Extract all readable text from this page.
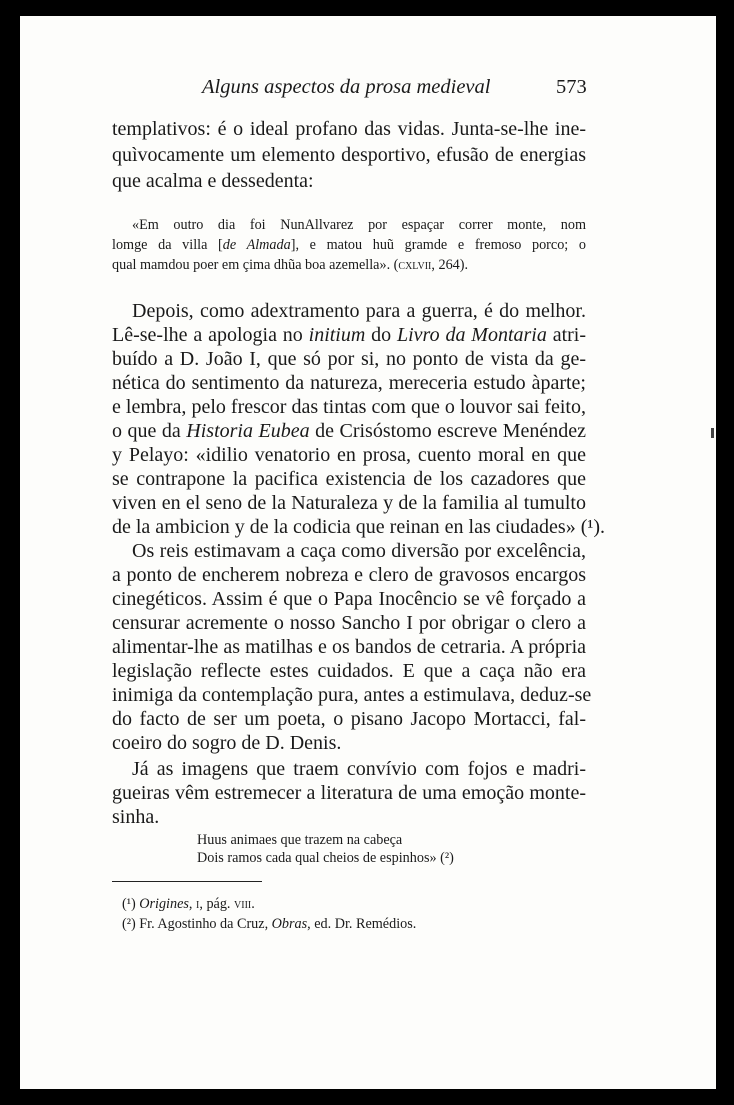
Alguns aspectos da prosa medieval	573
templativos: é o ideal profano das vidas. Junta-se-lhe ine-
quìvocamente um elemento desportivo, efusão de energias
que acalma e dessedenta:
«Em outro dia foi NunAllvarez por espaçar correr monte, nom
lomge da villa [de Almada], e matou huũ gramde e fremoso porco; o
qual mamdou poer em çima dhũa boa azemella». (cxlvii, 264).
Depois, como adextramento para a guerra, é do melhor.
Lê-se-lhe a apologia no initium do Livro da Montaria atri-
buído a D. João I, que só por si, no ponto de vista da ge-
nética do sentimento da natureza, mereceria estudo àparte;
e lembra, pelo frescor das tintas com que o louvor sai feito,
o que da Historia Eubea de Crisóstomo escreve Menéndez
y Pelayo: «idilio venatorio en prosa, cuento moral en que
se contrapone la pacifica existencia de los cazadores que
viven en el seno de la Naturaleza y de la familia al tumulto
de la ambicion y de la codicia que reinan en las ciudades» (¹).
Os reis estimavam a caça como diversão por excelência,
a ponto de encherem nobreza e clero de gravosos encargos
cinegéticos. Assim é que o Papa Inocêncio se vê forçado a
censurar acremente o nosso Sancho I por obrigar o clero a
alimentar-lhe as matilhas e os bandos de cetraria. A própria
legislação reflecte estes cuidados. E que a caça não era
inimiga da contemplação pura, antes a estimulava, deduz-se
do facto de ser um poeta, o pisano Jacopo Mortacci, fal-
coeiro do sogro de D. Denis.
Já as imagens que traem convívio com fojos e madri-
gueiras vêm estremecer a literatura de uma emoção monte-
sinha.
Huus animaes que trazem na cabeça
Dois ramos cada qual cheios de espinhos» (²)
(¹) Origines, i, pág. viii.
(²) Fr. Agostinho da Cruz, Obras, ed. Dr. Remédios.
